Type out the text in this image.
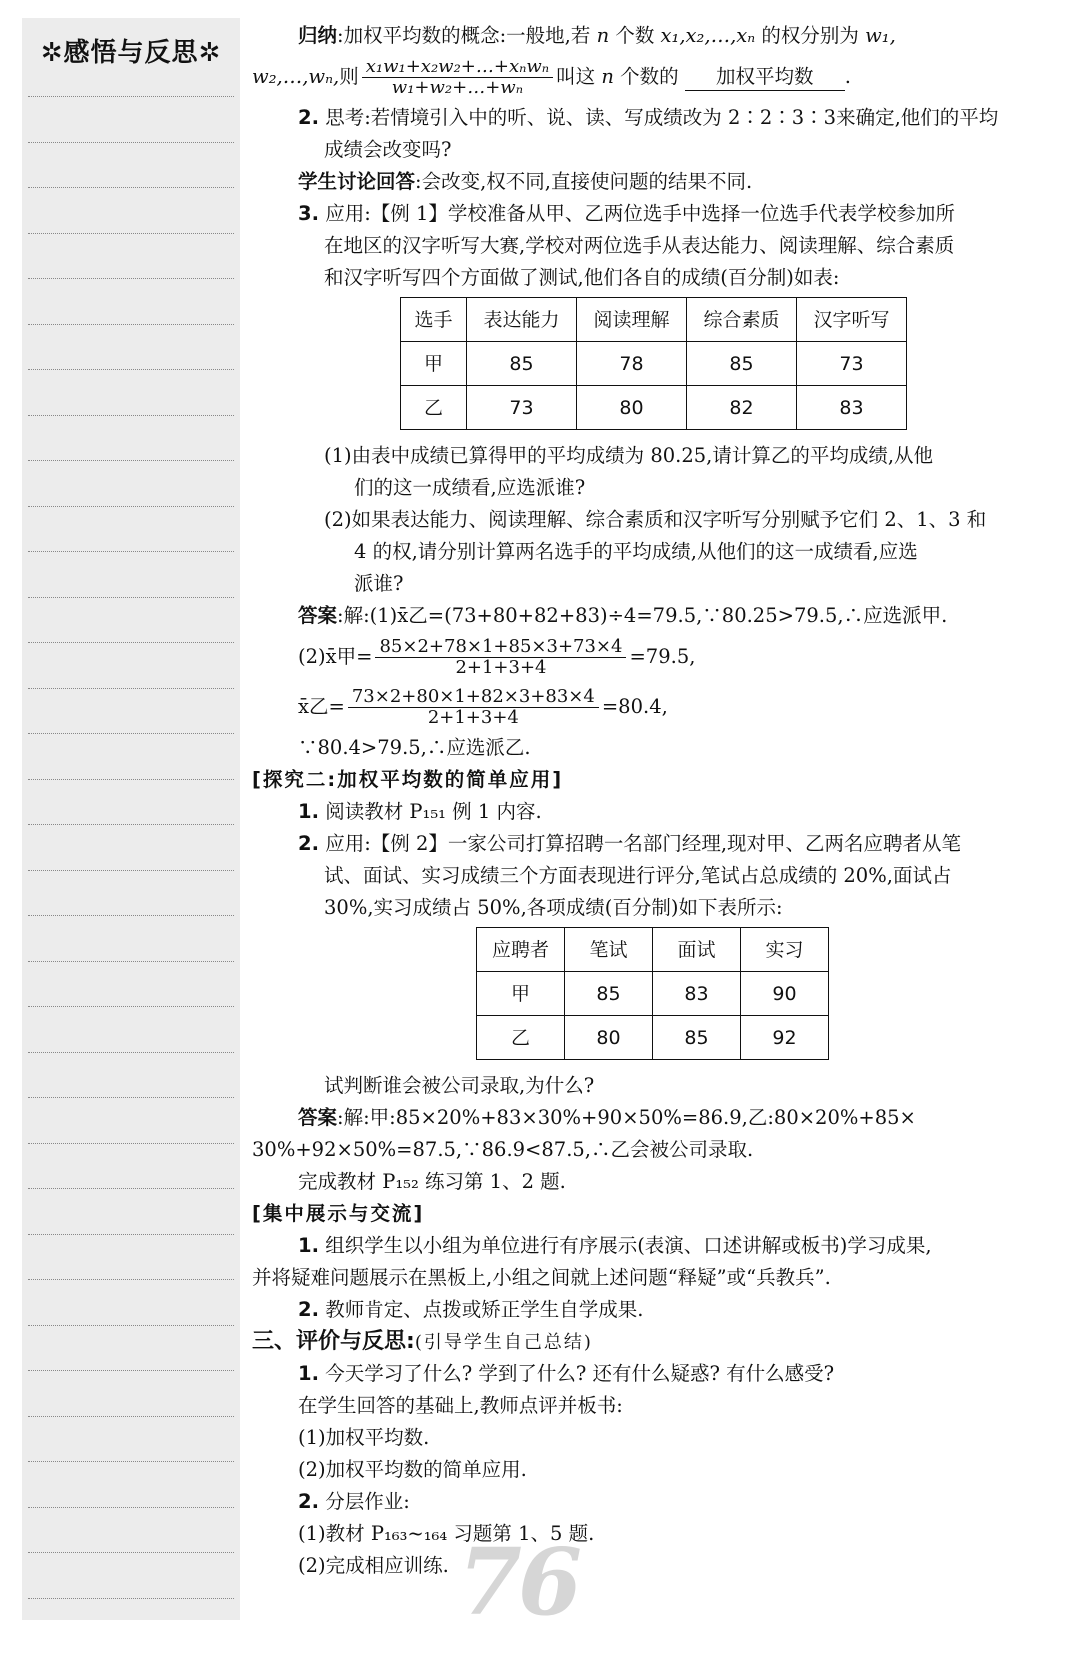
✲感悟与反思✲
归纳:加权平均数的概念:一般地,若 n 个数 x₁,x₂,…,xₙ 的权分别为 w₁,
w₂,…,wₙ,则 $\frac{\text{x₁w₁+x₂w₂+…+xₙwₙ}}{\text{w₁+w₂+…+wₙ}}$ 叫这 n 个数的 加权平均数 .
2. 思考:若情境引入中的听、说、读、写成绩改为 2∶2∶3∶3来确定,他们的平均
成绩会改变吗?
学生讨论回答:会改变,权不同,直接使问题的结果不同.
3. 应用:【例 1】学校准备从甲、乙两位选手中选择一位选手代表学校参加所
在地区的汉字听写大赛,学校对两位选手从表达能力、阅读理解、综合素质
和汉字听写四个方面做了测试,他们各自的成绩(百分制)如表:
选手	表达能力	阅读理解	综合素质	汉字听写
甲	85	78	85	73
乙	73	80	82	83
(1)由表中成绩已算得甲的平均成绩为 80.25,请计算乙的平均成绩,从他
们的这一成绩看,应选派谁?
(2)如果表达能力、阅读理解、综合素质和汉字听写分别赋予它们 2、1、3 和
4 的权,请分别计算两名选手的平均成绩,从他们的这一成绩看,应选
派谁?
答案:解:(1)x̄乙=(73+80+82+83)÷4=79.5,∵80.25>79.5,∴应选派甲.
(2)x̄甲= $\frac{85\times 2+78\times 1+85\times 3+73\times 4}{2+1+3+4} =79.5$,
x̄乙= $\frac{73\times 2+80\times 1+82\times 3+83\times 4}{2+1+3+4} =80.4$,
∵80.4>79.5,∴应选派乙.
[探究二:加权平均数的简单应用]
1. 阅读教材 P₁₅₁ 例 1 内容.
2. 应用:【例 2】一家公司打算招聘一名部门经理,现对甲、乙两名应聘者从笔
试、面试、实习成绩三个方面表现进行评分,笔试占总成绩的 20%,面试占
30%,实习成绩占 50%,各项成绩(百分制)如下表所示:
应聘者	笔试	面试	实习
甲	85	83	90
乙	80	85	92
试判断谁会被公司录取,为什么?
答案:解:甲:85×20%+83×30%+90×50%=86.9,乙:80×20%+85×
30%+92×50%=87.5,∵86.9<87.5,∴乙会被公司录取.
完成教材 P₁₅₂ 练习第 1、2 题.
[集中展示与交流]
1. 组织学生以小组为单位进行有序展示(表演、口述讲解或板书)学习成果,
并将疑难问题展示在黑板上,小组之间就上述问题“释疑”或“兵教兵”.
2. 教师肯定、点拨或矫正学生自学成果.
三、评价与反思:(引导学生自己总结)
1. 今天学习了什么? 学到了什么? 还有什么疑惑? 有什么感受?
在学生回答的基础上,教师点评并板书:
(1)加权平均数.
(2)加权平均数的简单应用.
2. 分层作业:
(1)教材 P₁₆₃~₁₆₄ 习题第 1、5 题.
(2)完成相应训练. 76
